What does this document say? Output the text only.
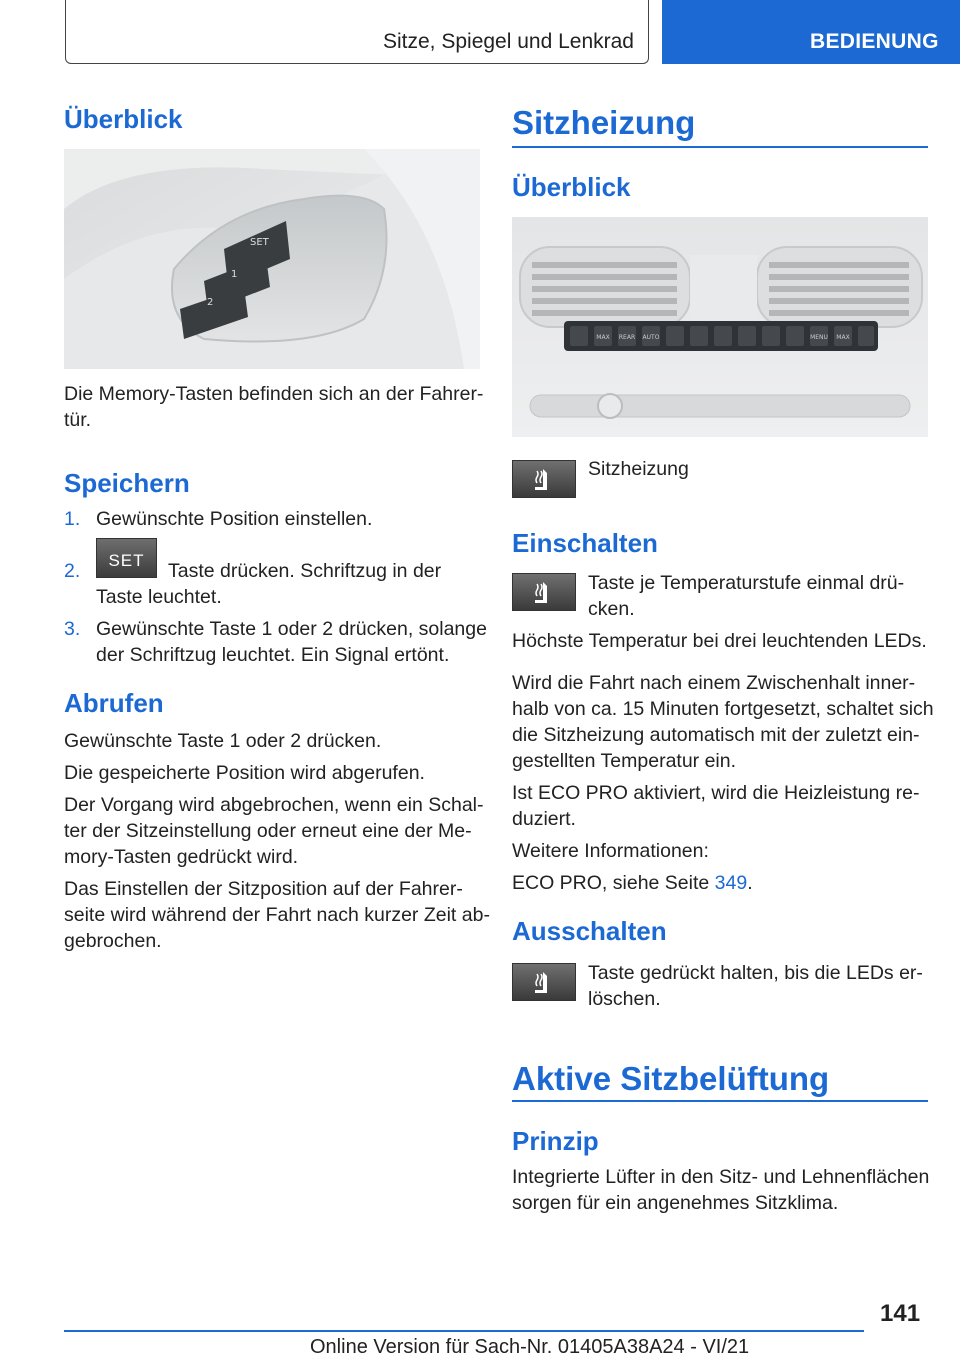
Sitze, Spiegel und Lenkrad	BEDIENUNG
Überblick
SET
1
2

Die Memory-Tasten befinden sich an der Fahrer-

tür.

Speichern
1. Gewünschte Position einstellen.

2.	SET	Taste drücken. Schriftzug in der

Taste leuchtet.

3. Gewünschte Taste 1 oder 2 drücken, solange

der Schriftzug leuchtet. Ein Signal ertönt.

Abrufen

Gewünschte Taste 1 oder 2 drücken.

Die gespeicherte Position wird abgerufen.

Der Vorgang wird abgebrochen, wenn ein Schal-

ter der Sitzeinstellung oder erneut eine der Me-

mory-Tasten gedrückt wird.

Das Einstellen der Sitzposition auf der Fahrer-

seite wird während der Fahrt nach kurzer Zeit ab-

gebrochen.

Sitzheizung
Überblick
MAX REAR AUTO	MENU MAX

Sitzheizung

Einschalten

Taste je Temperaturstufe einmal drü-

cken.

Höchste Temperatur bei drei leuchtenden LEDs.

Wird die Fahrt nach einem Zwischenhalt inner-

halb von ca. 15 Minuten fortgesetzt, schaltet sich

die Sitzheizung automatisch mit der zuletzt ein-

gestellten Temperatur ein.

Ist ECO PRO aktiviert, wird die Heizleistung re-

duziert.

Weitere Informationen:

ECO PRO, siehe Seite 349.

Ausschalten

Taste gedrückt halten, bis die LEDs er-

löschen.

Aktive Sitzbelüftung
Prinzip

Integrierte Lüfter in den Sitz- und Lehnenflächen

sorgen für ein angenehmes Sitzklima.

141
Online Version für Sach-Nr. 01405A38A24 - VI/21
